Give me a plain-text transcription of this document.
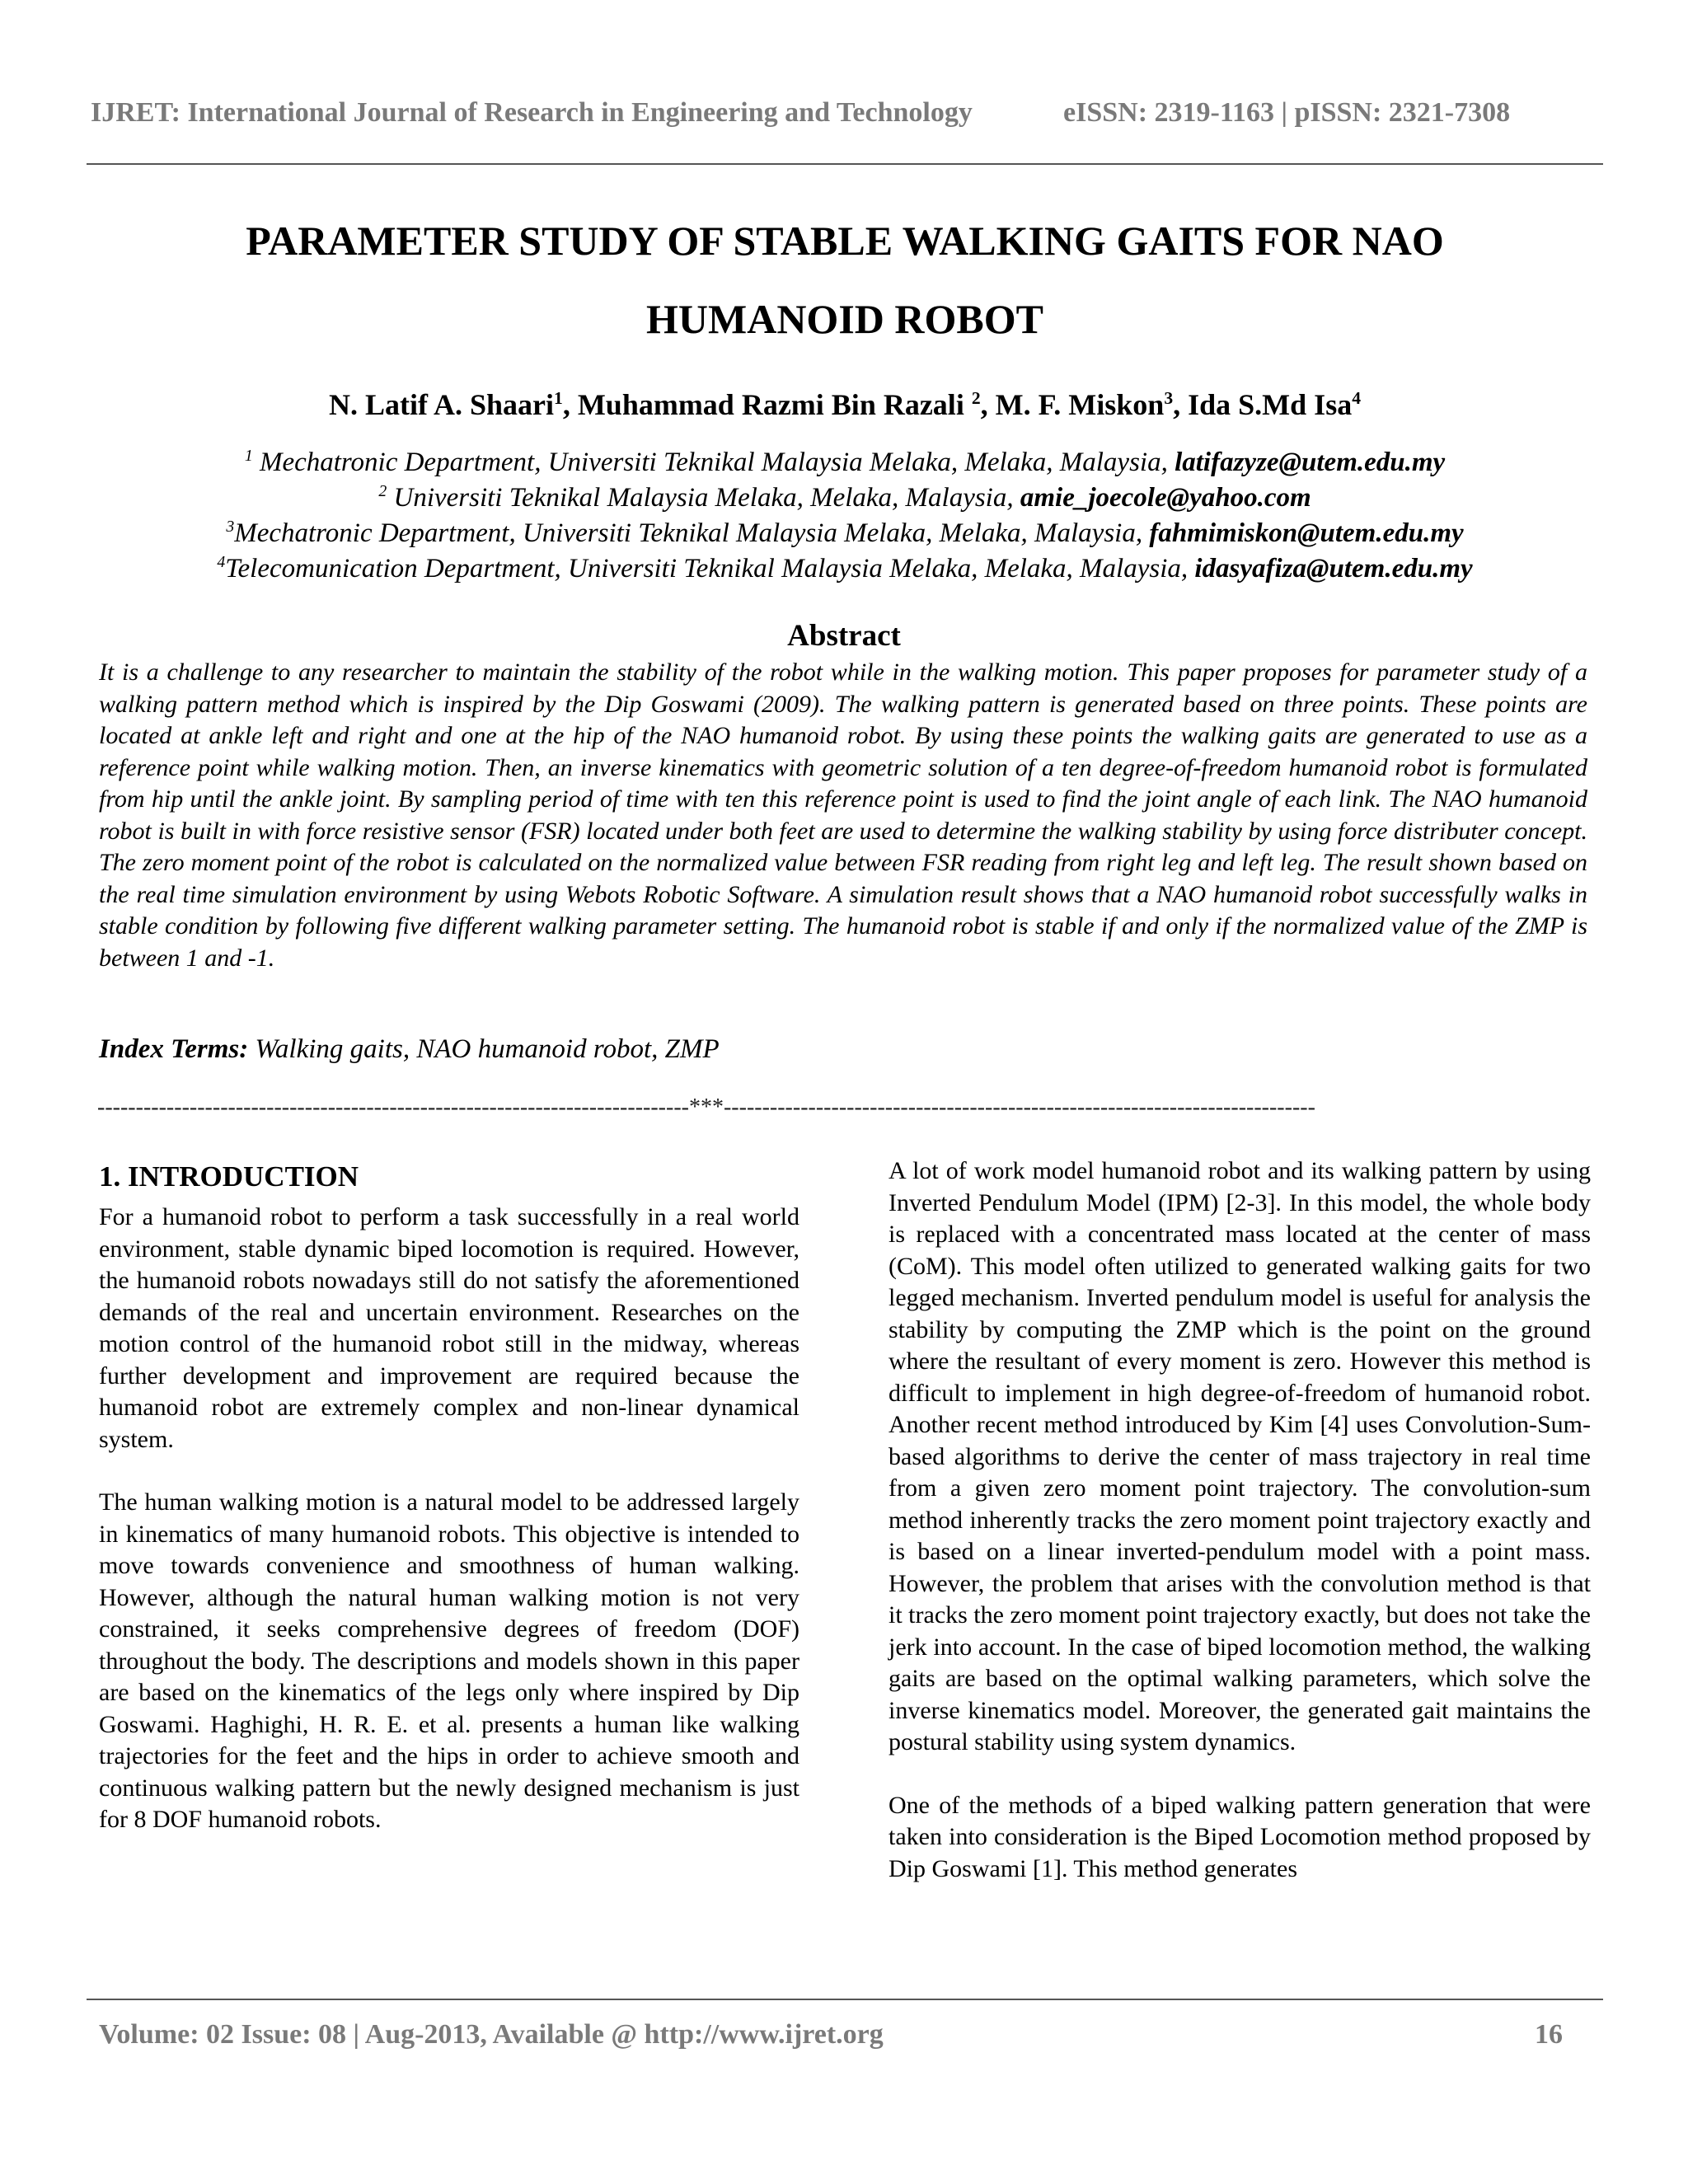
IJRET: International Journal of Research in Engineering and Technology	eISSN: 2319-1163 | pISSN: 2321-7308
PARAMETER STUDY OF STABLE WALKING GAITS FOR NAO
HUMANOID ROBOT
N. Latif A. Shaari$^1$, Muhammad Razmi Bin Razali $^2$, M. F. Miskon$^3$, Ida S.Md Isa$^4$
$^1$ Mechatronic Department, Universiti Teknikal Malaysia Melaka, Melaka, Malaysia, latifazyze@utem.edu.my
$^2$ Universiti Teknikal Malaysia Melaka, Melaka, Malaysia, amie_joecole@yahoo.com
$^3$Mechatronic Department, Universiti Teknikal Malaysia Melaka, Melaka, Malaysia, fahmimiskon@utem.edu.my
$^4$Telecomunication Department, Universiti Teknikal Malaysia Melaka, Melaka, Malaysia, idasyafiza@utem.edu.my
Abstract

It is a challenge to any researcher to maintain the stability of the robot while in the walking motion. This paper proposes for parameter study of a walking pattern method which is inspired by the Dip Goswami (2009). The walking pattern is generated based on three points. These points are located at ankle left and right and one at the hip of the NAO humanoid robot. By using these points the walking gaits are generated to use as a reference point while walking motion. Then, an inverse kinematics with geometric solution of a ten degree-of-freedom humanoid robot is formulated from hip until the ankle joint. By sampling period of time with ten this reference point is used to find the joint angle of each link. The NAO humanoid robot is built in with force resistive sensor (FSR) located under both feet are used to determine the walking stability by using force distributer concept. The zero moment point of the robot is calculated on the normalized value between FSR reading from right leg and left leg. The result shown based on the real time simulation environment by using Webots Robotic Software. A simulation result shows that a NAO humanoid robot successfully walks in stable condition by following five different walking parameter setting. The humanoid robot is stable if and only if the normalized value of the ZMP is between 1 and -1.

Index Terms: Walking gaits, NAO humanoid robot, ZMP
-----------------------------------------------------------------------------***-----------------------------------------------------------------------------
1. INTRODUCTION

For a humanoid robot to perform a task successfully in a real world environment, stable dynamic biped locomotion is required. However, the humanoid robots nowadays still do not satisfy the aforementioned demands of the real and uncertain environment. Researches on the motion control of the humanoid robot still in the midway, whereas further development and improvement are required because the humanoid robot are extremely complex and non-linear dynamical system.

The human walking motion is a natural model to be addressed largely in kinematics of many humanoid robots. This objective is intended to move towards convenience and smoothness of human walking. However, although the natural human walking motion is not very constrained, it seeks comprehensive degrees of freedom (DOF) throughout the body. The descriptions and models shown in this paper are based on the kinematics of the legs only where inspired by Dip Goswami. Haghighi, H. R. E. et al. presents a human like walking trajectories for the feet and the hips in order to achieve smooth and continuous walking pattern but the newly designed mechanism is just for 8 DOF humanoid robots.

A lot of work model humanoid robot and its walking pattern by using Inverted Pendulum Model (IPM) [2-3]. In this model, the whole body is replaced with a concentrated mass located at the center of mass (CoM). This model often utilized to generated walking gaits for two legged mechanism. Inverted pendulum model is useful for analysis the stability by computing the ZMP which is the point on the ground where the resultant of every moment is zero. However this method is difficult to implement in high degree-of-freedom of humanoid robot. Another recent method introduced by Kim [4] uses Convolution-Sum-based algorithms to derive the center of mass trajectory in real time from a given zero moment point trajectory. The convolution-sum method inherently tracks the zero moment point trajectory exactly and is based on a linear inverted-pendulum model with a point mass. However, the problem that arises with the convolution method is that it tracks the zero moment point trajectory exactly, but does not take the jerk into account. In the case of biped locomotion method, the walking gaits are based on the optimal walking parameters, which solve the inverse kinematics model. Moreover, the generated gait maintains the postural stability using system dynamics.

One of the methods of a biped walking pattern generation that were taken into consideration is the Biped Locomotion method proposed by Dip Goswami [1]. This method generates

Volume: 02 Issue: 08 | Aug-2013, Available @ http://www.ijret.org	16
